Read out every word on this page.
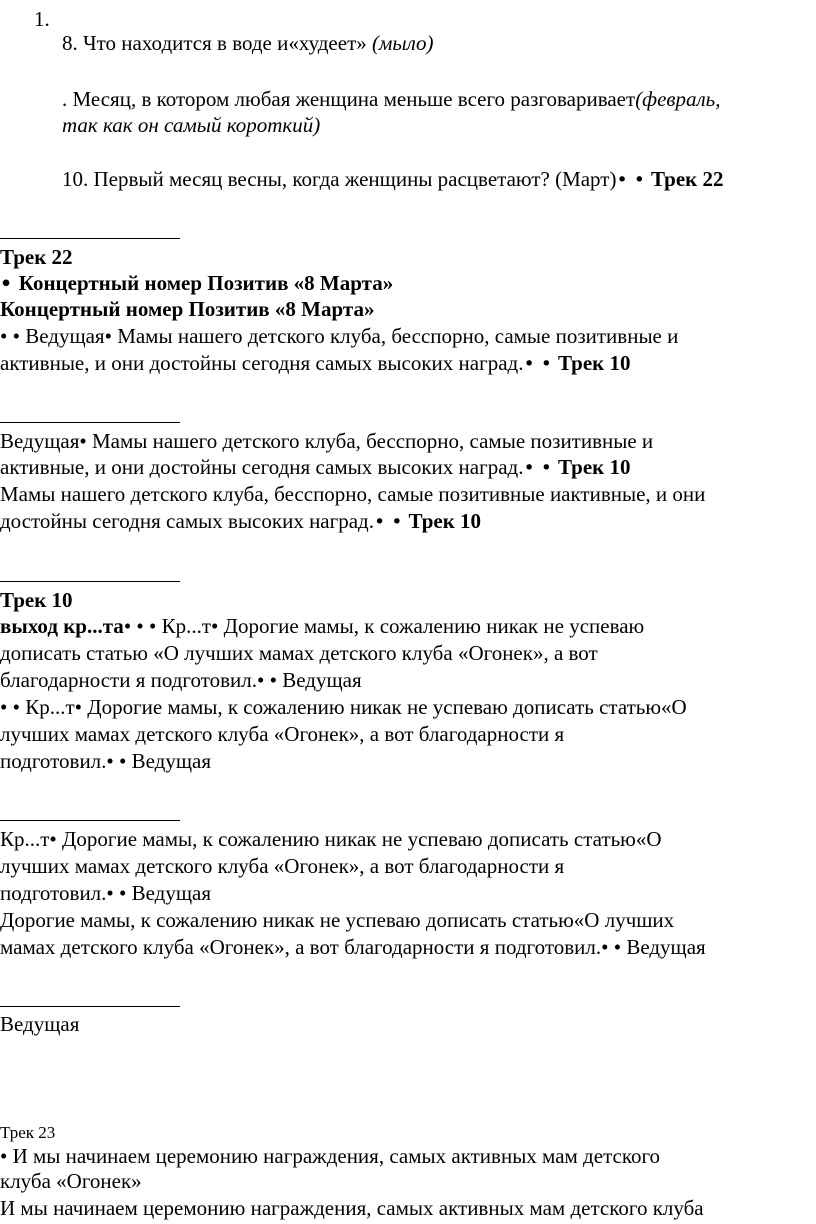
1.
8. Что находится в воде и«худеет» (мыло)
. Месяц, в котором любая женщина меньше всего разговаривает(февраль,
так как он самый короткий)
10. Первый месяц весны, когда женщины расцветают? (Март)• • Трек 22
Трек 22
• Концертный номер Позитив «8 Марта»
Концертный номер Позитив «8 Марта»
• • Ведущая• Мамы нашего детского клуба, бесспорно, самые позитивные и
активные, и они достойны сегодня самых высоких наград.• • Трек 10
Ведущая• Мамы нашего детского клуба, бесспорно, самые позитивные и
активные, и они достойны сегодня самых высоких наград.• • Трек 10
Мамы нашего детского клуба, бесспорно, самые позитивные иактивные, и они
достойны сегодня самых высоких наград.• • Трек 10
Трек 10
выход кр...та• • • Кр...т• Дорогие мамы, к сожалению никак не успеваю
дописать статью «О лучших мамах детского клуба «Огонек», а вот
благодарности я подготовил.• • Ведущая
• • Кр...т• Дорогие мамы, к сожалению никак не успеваю дописать статью«О
лучших мамах детского клуба «Огонек», а вот благодарности я
подготовил.• • Ведущая
Кр...т• Дорогие мамы, к сожалению никак не успеваю дописать статью«О
лучших мамах детского клуба «Огонек», а вот благодарности я
подготовил.• • Ведущая
Дорогие мамы, к сожалению никак не успеваю дописать статью«О лучших
мамах детского клуба «Огонек», а вот благодарности я подготовил.• • Ведущая
Ведущая
Трек 23
• И мы начинаем церемонию награждения, самых активных мам детского
клуба «Огонек»
И мы начинаем церемонию награждения, самых активных мам детского клуба
